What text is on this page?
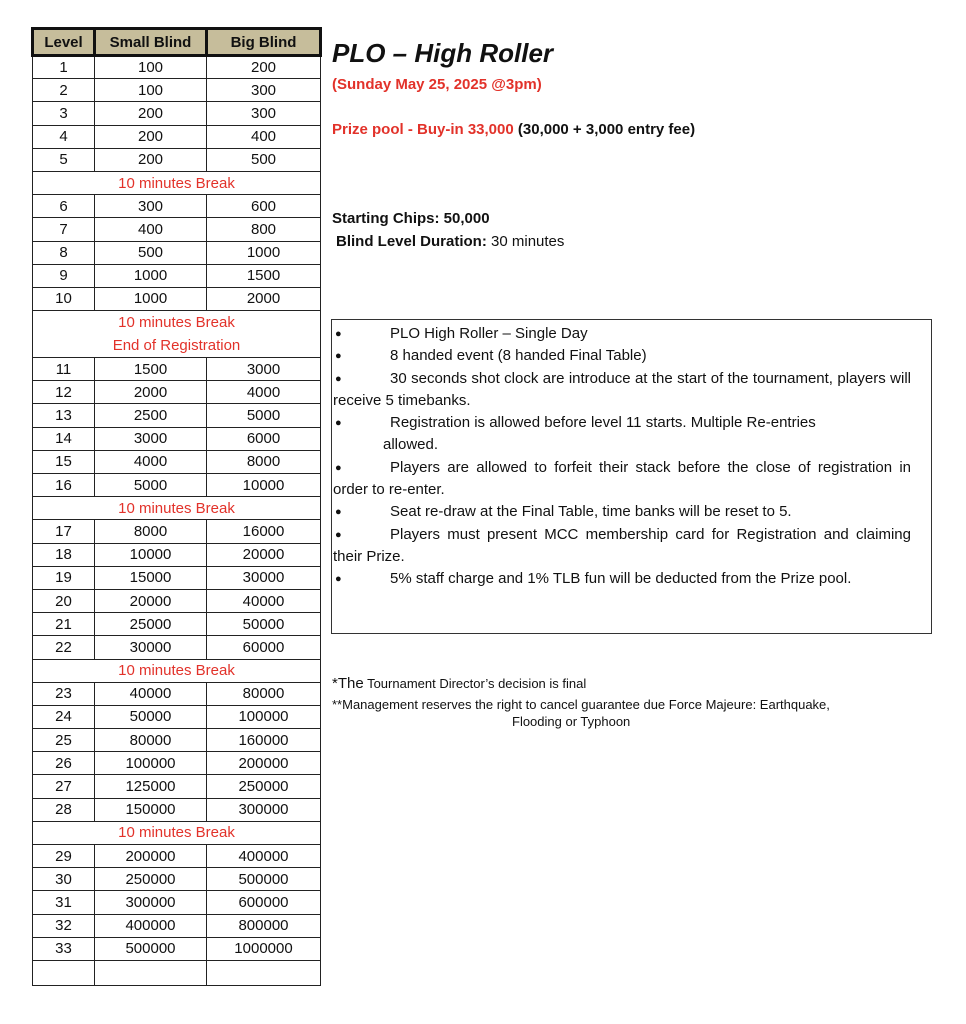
Level	Small Blind	Big Blind
1	100	200
2	100	300
3	200	300
4	200	400
5	200	500
10 minutes Break		
6	300	600
7	400	800
8	500	1000
9	1000	1500
10	1000	2000
10 minutes Break
End of Registration		
11	1500	3000
12	2000	4000
13	2500	5000
14	3000	6000
15	4000	8000
16	5000	10000
10 minutes Break		
17	8000	16000
18	10000	20000
19	15000	30000
20	20000	40000
21	25000	50000
22	30000	60000
10 minutes Break		
23	40000	80000
24	50000	100000
25	80000	160000
26	100000	200000
27	125000	250000
28	150000	300000
10 minutes Break		
29	200000	400000
30	250000	500000
31	300000	600000
32	400000	800000
33	500000	1000000

PLO – High Roller
(Sunday May 25, 2025 @3pm)
Prize pool - Buy-in 33,000 (30,000 + 3,000 entry fee)
Starting Chips: 50,000
Blind Level Duration: 30 minutes
●	PLO High Roller – Single Day
●	8 handed event (8 handed Final Table)
●	30 seconds shot clock are introduce at the start of the tournament, players will receive 5 timebanks.
●	Registration is allowed before level 11 starts. Multiple Re-entries
allowed.
●	Players are allowed to forfeit their stack before the close of registration in order to re-enter.
●	Seat re-draw at the Final Table, time banks will be reset to 5.
●	Players must present MCC membership card for Registration and claiming their Prize.
●	5% staff charge and 1% TLB fun will be deducted from the Prize pool.
*The Tournament Director’s decision is final
**Management reserves the right to cancel guarantee due Force Majeure: Earthquake,
Flooding or Typhoon
